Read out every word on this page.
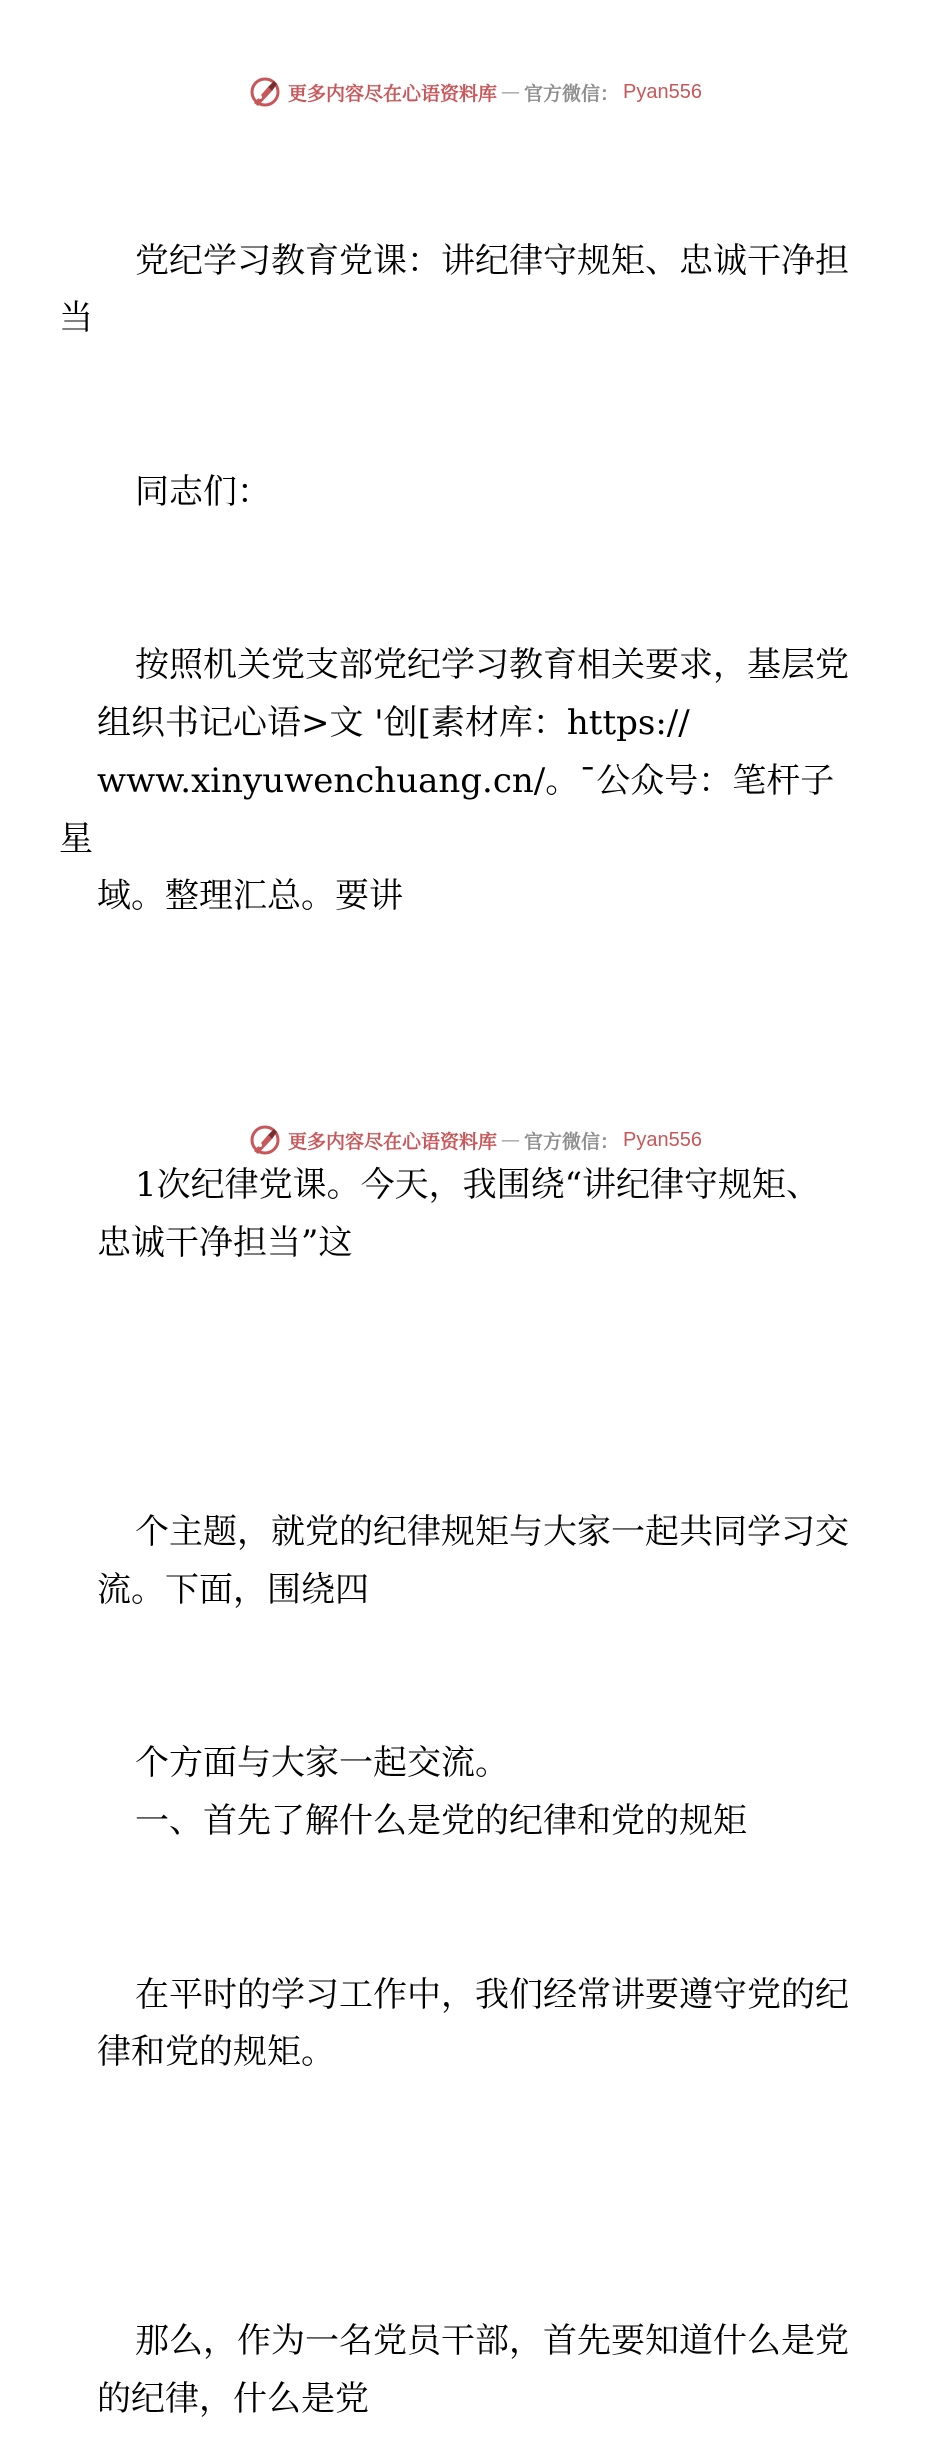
更多内容尽在心语资料库 — 官方微信： Pyan556

党纪学习教育党课：讲纪律守规矩、忠诚干净担
当

同志们：

按照机关党支部党纪学习教育相关要求，基层党
组织书记心语>文 '创[素材库：https://
www.xinyuwenchuang.cn/。¯公众号：笔杆子星
域。整理汇总。要讲

1次纪律党课。今天，我围绕“讲纪律守规矩、
忠诚干净担当”这

个主题，就党的纪律规矩与大家一起共同学习交
流。下面，围绕四

个方面与大家一起交流。

一、首先了解什么是党的纪律和党的规矩

在平时的学习工作中，我们经常讲要遵守党的纪
律和党的规矩。

那么，作为一名党员干部，首先要知道什么是党
的纪律，什么是党

更多内容尽在心语资料库 — 官方微信： Pyan556
